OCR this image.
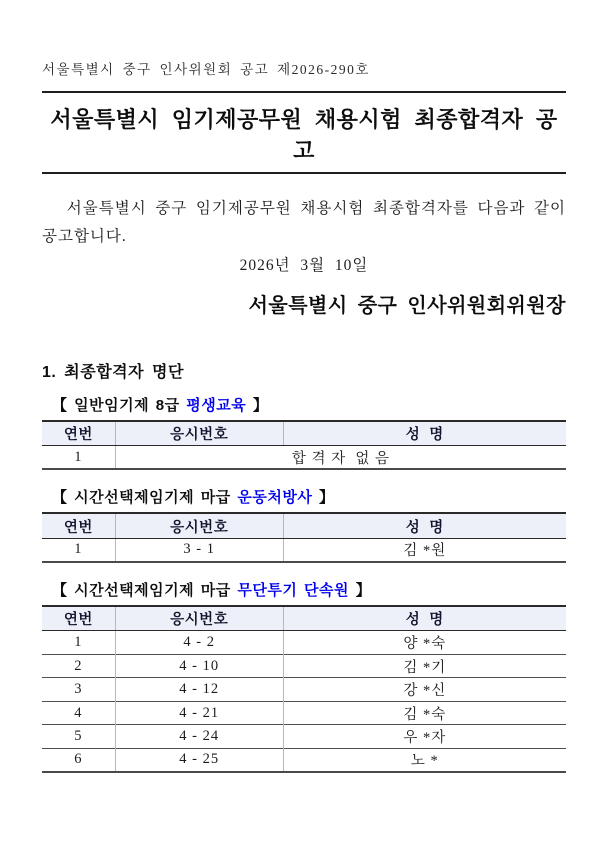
서울특별시 중구 인사위원회 공고 제2026-290호
서울특별시 임기제공무원 채용시험 최종합격자 공고
서울특별시 중구 임기제공무원 채용시험 최종합격자를 다음과 같이
공고합니다.
2026년  3월  10일
서울특별시 중구 인사위원회위원장
1. 최종합격자 명단
【 일반임기제 8급 평생교육 】
연번	응시번호	성  명
1	합 격 자  없 음	
【 시간선택제임기제 마급 운동처방사 】
연번	응시번호	성  명
1	3 - 1	김 *원
【 시간선택제임기제 마급 무단투기 단속원 】
연번	응시번호	성  명
1	4 - 2	양 *숙
2	4 - 10	김 *기
3	4 - 12	강 *신
4	4 - 21	김 *숙
5	4 - 24	우 *자
6	4 - 25	노 *
